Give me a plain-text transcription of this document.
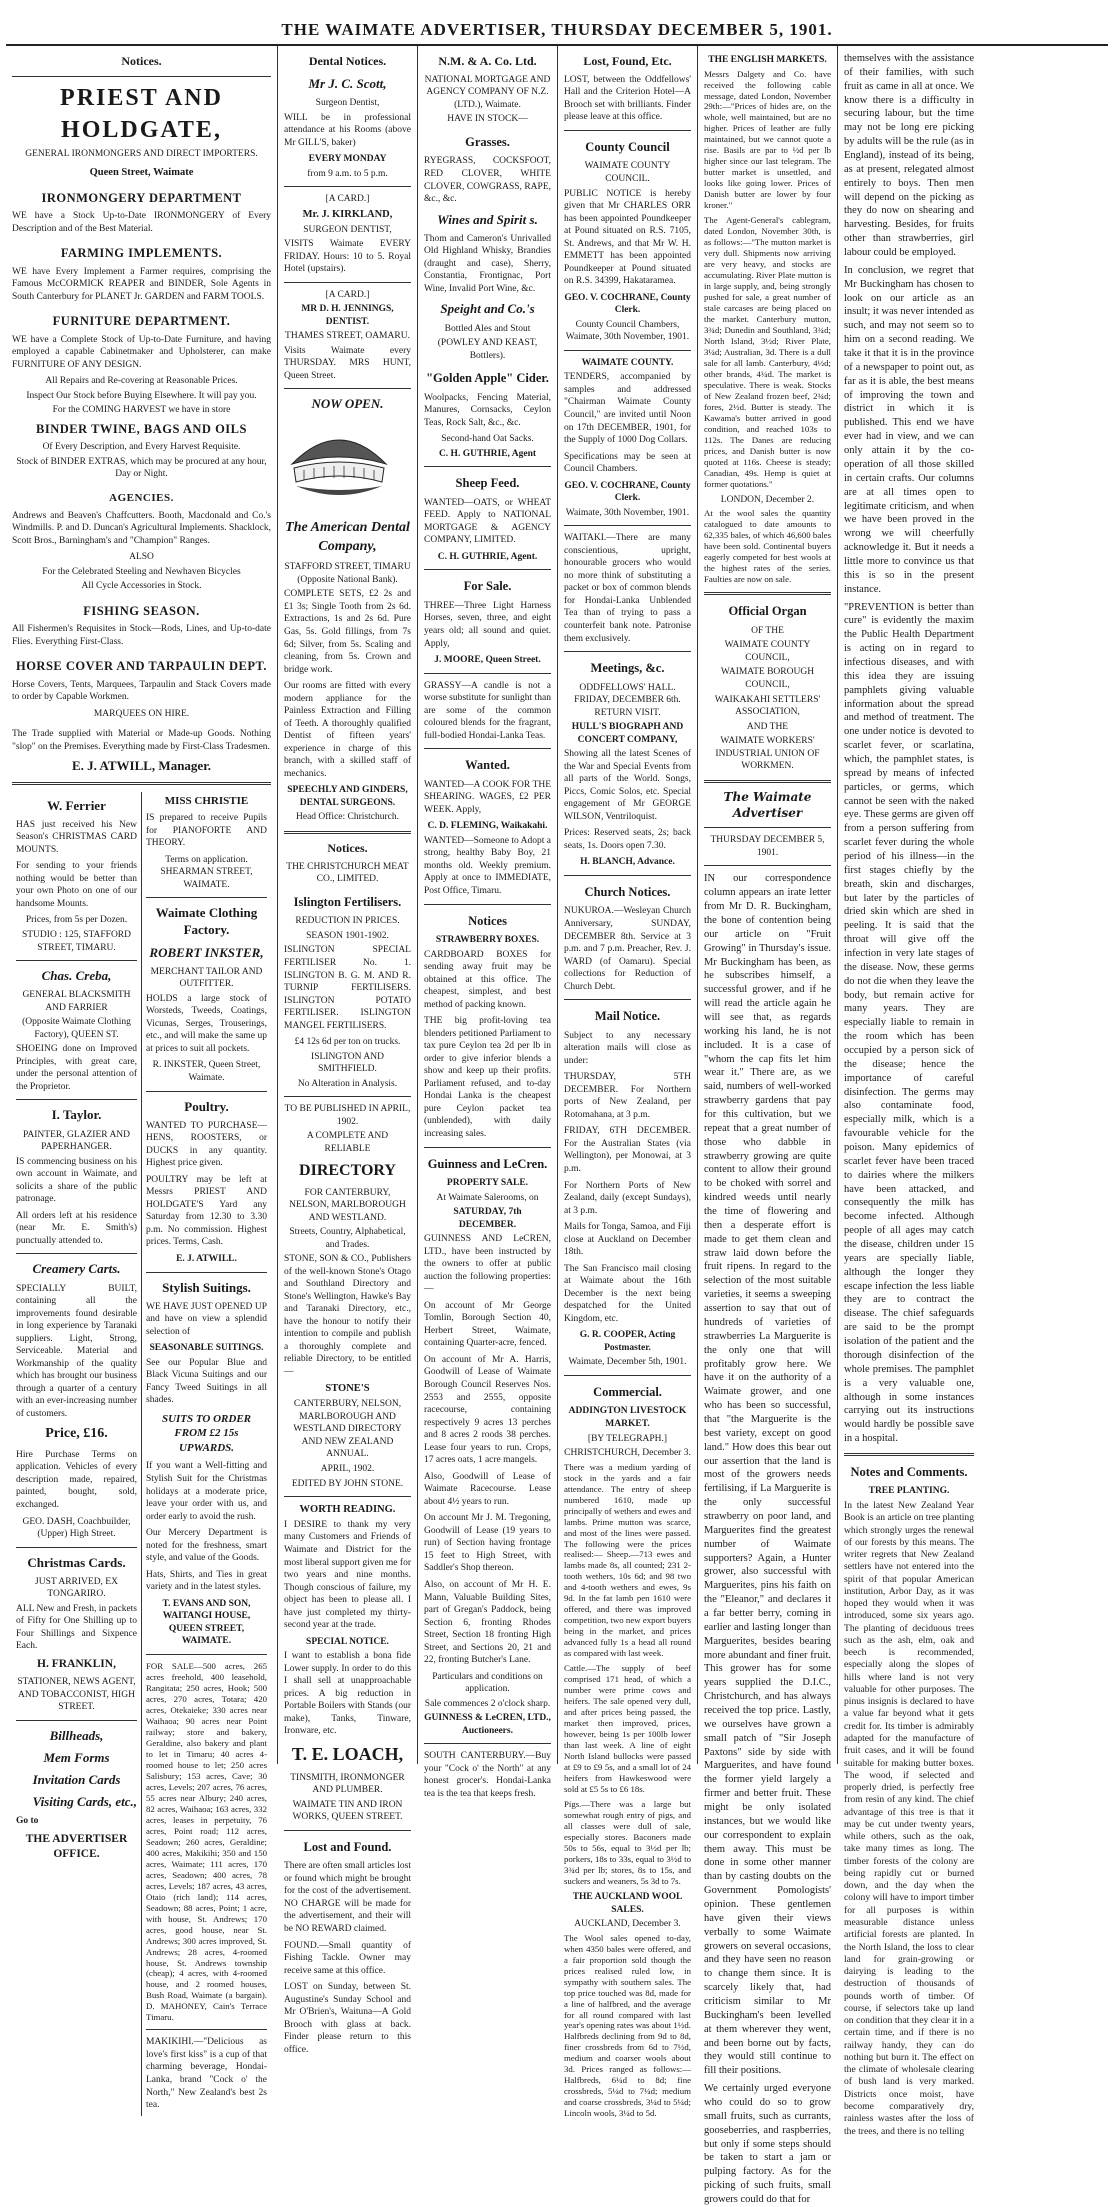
THE WAIMATE ADVERTISER, THURSDAY DECEMBER 5, 1901.
Notices.
PRIEST AND HOLDGATE,
GENERAL IRONMONGERS AND DIRECT IMPORTERS.
Queen Street, Waimate
IRONMONGERY DEPARTMENT
WE have a Stock Up-to-Date IRONMONGERY of Every Description and of the Best Material.
FARMING IMPLEMENTS.
WE have Every Implement a Farmer requires, comprising the Famous McCORMICK REAPER and BINDER, Sole Agents in South Canterbury for PLANET Jr. GARDEN and FARM TOOLS.
FURNITURE DEPARTMENT.
WE have a Complete Stock of Up-to-Date Furniture, and having employed a capable Cabinetmaker and Upholsterer, can make FURNITURE OF ANY DESIGN.
All Repairs and Re-covering at Reasonable Prices.
Inspect Our Stock before Buying Elsewhere. It will pay you.
For the COMING HARVEST we have in store
BINDER TWINE, BAGS AND OILS
Of Every Description, and Every Harvest Requisite.
Stock of BINDER EXTRAS, which may be procured at any hour, Day or Night.
AGENCIES.
Andrews and Beaven's Chaffcutters. Booth, Macdonald and Co.'s Windmills. P. and D. Duncan's Agricultural Implements. Shacklock, Scott Bros., Barningham's and "Champion" Ranges.
ALSO
For the Celebrated Steeling and Newhaven Bicycles
All Cycle Accessories in Stock.
FISHING SEASON.
All Fishermen's Requisites in Stock—Rods, Lines, and Up-to-date Flies. Everything First-Class.
HORSE COVER AND TARPAULIN DEPT.
Horse Covers, Tents, Marquees, Tarpaulin and Stack Covers made to order by Capable Workmen.
MARQUEES ON HIRE.
The Trade supplied with Material or Made-up Goods. Nothing "slop" on the Premises. Everything made by First-Class Tradesmen.
E. J. ATWILL, Manager.
W. Ferrier
HAS just received his New Season's CHRISTMAS CARD MOUNTS.
For sending to your friends nothing would be better than your own Photo on one of our handsome Mounts.
Prices, from 5s per Dozen.
STUDIO : 125, STAFFORD STREET, TIMARU.
Chas. Creba,
GENERAL BLACKSMITH AND FARRIER
(Opposite Waimate Clothing Factory), QUEEN ST.
SHOEING done on Improved Principles, with great care, under the personal attention of the Proprietor.
I. Taylor.
PAINTER, GLAZIER AND PAPERHANGER.
IS commencing business on his own account in Waimate, and solicits a share of the public patronage.
All orders left at his residence (near Mr. E. Smith's) punctually attended to.
Creamery Carts.
SPECIALLY BUILT, containing all the improvements found desirable in long experience by Taranaki suppliers. Light, Strong, Serviceable. Material and Workmanship of the quality which has brought our business through a quarter of a century with an ever-increasing number of customers.
Price, £16.
Hire Purchase Terms on application. Vehicles of every description made, repaired, painted, bought, sold, exchanged.
GEO. DASH, Coachbuilder, (Upper) High Street.
Christmas Cards.
JUST ARRIVED, EX TONGARIRO.
ALL New and Fresh, in packets of Fifty for One Shilling up to Four Shillings and Sixpence Each.
H. FRANKLIN,
STATIONER, NEWS AGENT, AND TOBACCONIST, HIGH STREET.
Billheads,
Mem Forms
Invitation Cards
Visiting Cards, etc.,
Go to
THE ADVERTISER OFFICE.
MISS CHRISTIE
IS prepared to receive Pupils for PIANOFORTE AND THEORY.
Terms on application. SHEARMAN STREET, WAIMATE.
Waimate Clothing Factory.
ROBERT INKSTER,
MERCHANT TAILOR AND OUTFITTER.
HOLDS a large stock of Worsteds, Tweeds, Coatings, Vicunas, Serges, Trouserings, etc., and will make the same up at prices to suit all pockets.
R. INKSTER, Queen Street, Waimate.
Poultry.
WANTED TO PURCHASE—HENS, ROOSTERS, or DUCKS in any quantity. Highest price given.
POULTRY may be left at Messrs PRIEST AND HOLDGATE'S Yard any Saturday from 12.30 to 3.30 p.m. No commission. Highest prices. Terms, Cash.
E. J. ATWILL.
Stylish Suitings.
WE HAVE JUST OPENED UP and have on view a splendid selection of
SEASONABLE SUITINGS.
See our Popular Blue and Black Vicuna Suitings and our Fancy Tweed Suitings in all shades.
SUITS TO ORDER FROM £2 15s UPWARDS.
If you want a Well-fitting and Stylish Suit for the Christmas holidays at a moderate price, leave your order with us, and order early to avoid the rush.
Our Mercery Department is noted for the freshness, smart style, and value of the Goods.
Hats, Shirts, and Ties in great variety and in the latest styles.
T. EVANS AND SON, WAITANGI HOUSE, QUEEN STREET, WAIMATE.
FOR SALE—500 acres, 265 acres freehold, 400 leasehold, Rangitata; 250 acres, Hook; 500 acres, 270 acres, Totara; 420 acres, Otekaieke; 330 acres near Waihaoa; 90 acres near Point railway; store and bakery, Geraldine, also bakery and plant to let in Timaru; 40 acres 4-roomed house to let; 250 acres Salisbury; 153 acres, Cave; 30 acres, Levels; 207 acres, 76 acres, 55 acres near Albury; 240 acres, 82 acres, Waihaoa; 163 acres, 332 acres, leases in perpetuity, 76 acres, Point road; 112 acres, Seadown; 260 acres, Geraldine; 400 acres, Makikihi; 350 and 150 acres, Waimate; 111 acres, 170 acres, Seadown; 400 acres, 78 acres, Levels; 187 acres, 43 acres, Otaio (rich land); 114 acres, Seadown; 88 acres, Point; 1 acre, with house, St. Andrews; 170 acres, good house, near St. Andrews; 300 acres improved, St. Andrews; 28 acres, 4-roomed house, St. Andrews township (cheap); 4 acres, with 4-roomed house, and 2 roomed houses, Bush Road, Waimate (a bargain). D. MAHONEY, Cain's Terrace Timaru.
MAKIKIHI.—"Delicious as love's first kiss" is a cup of that charming beverage, Hondai-Lanka, brand "Cock o' the North," New Zealand's best 2s tea.
Dental Notices.
Mr J. C. Scott,
Surgeon Dentist,
WILL be in professional attendance at his Rooms (above Mr GILL'S, baker)
EVERY MONDAY
from 9 a.m. to 5 p.m.
[A CARD.]
Mr. J. KIRKLAND,
SURGEON DENTIST,
VISITS Waimate EVERY FRIDAY. Hours: 10 to 5. Royal Hotel (upstairs).
[A CARD.]
MR D. H. JENNINGS, DENTIST.
THAMES STREET, OAMARU.
Visits Waimate every THURSDAY. MRS HUNT, Queen Street.
NOW OPEN.
The American Dental Company,
STAFFORD STREET, TIMARU (Opposite National Bank).
COMPLETE SETS, £2 2s and £1 3s; Single Tooth from 2s 6d. Extractions, 1s and 2s 6d. Pure Gas, 5s. Gold fillings, from 7s 6d; Silver, from 5s. Scaling and cleaning, from 5s. Crown and bridge work.
Our rooms are fitted with every modern appliance for the Painless Extraction and Filling of Teeth. A thoroughly qualified Dentist of fifteen years' experience in charge of this branch, with a skilled staff of mechanics.
SPEECHLY AND GINDERS, DENTAL SURGEONS.
Head Office: Christchurch.
Notices.
THE CHRISTCHURCH MEAT CO., LIMITED.
Islington Fertilisers.
REDUCTION IN PRICES.
SEASON 1901-1902.
ISLINGTON SPECIAL FERTILISER No. 1. ISLINGTON B. G. M. AND R. TURNIP FERTILISERS. ISLINGTON POTATO FERTILISER. ISLINGTON MANGEL FERTILISERS.
£4 12s 6d per ton on trucks.
ISLINGTON AND SMITHFIELD.
No Alteration in Analysis.
TO BE PUBLISHED IN APRIL, 1902.
A COMPLETE AND RELIABLE
DIRECTORY
FOR CANTERBURY, NELSON, MARLBOROUGH AND WESTLAND.
Streets, Country, Alphabetical, and Trades.
STONE, SON & CO., Publishers of the well-known Stone's Otago and Southland Directory and Stone's Wellington, Hawke's Bay and Taranaki Directory, etc., have the honour to notify their intention to compile and publish a thoroughly complete and reliable Directory, to be entitled—
STONE'S
CANTERBURY, NELSON, MARLBOROUGH AND WESTLAND DIRECTORY AND NEW ZEALAND ANNUAL.
APRIL, 1902.
EDITED BY JOHN STONE.
WORTH READING.
I DESIRE to thank my very many Customers and Friends of Waimate and District for the most liberal support given me for two years and nine months. Though conscious of failure, my object has been to please all. I have just completed my thirty-second year at the trade.
SPECIAL NOTICE.
I want to establish a bona fide Lower supply. In order to do this I shall sell at unapproachable prices. A big reduction in Portable Boilers with Stands (our make), Tanks, Tinware, Ironware, etc.
T. E. LOACH,
TINSMITH, IRONMONGER AND PLUMBER.
WAIMATE TIN AND IRON WORKS, QUEEN STREET.
Lost and Found.
There are often small articles lost or found which might be brought for the cost of the advertisement. NO CHARGE will be made for the advertisement, and their will be NO REWARD claimed.
FOUND.—Small quantity of Fishing Tackle. Owner may receive same at this office.
LOST on Sunday, between St. Augustine's Sunday School and Mr O'Brien's, Waituna—A Gold Brooch with glass at back. Finder please return to this office.
N.M. & A. Co. Ltd.
NATIONAL MORTGAGE AND AGENCY COMPANY OF N.Z. (LTD.), Waimate.
HAVE IN STOCK—
Grasses.
RYEGRASS, COCKSFOOT, RED CLOVER, WHITE CLOVER, COWGRASS, RAPE, &c., &c.
Wines and Spirit s.
Thom and Cameron's Unrivalled Old Highland Whisky, Brandies (draught and case), Sherry, Constantia, Frontignac, Port Wine, Invalid Port Wine, &c.
Speight and Co.'s
Bottled Ales and Stout
(POWLEY AND KEAST, Bottlers).
"Golden Apple" Cider.
Woolpacks, Fencing Material, Manures, Cornsacks, Ceylon Teas, Rock Salt, &c., &c.
Second-hand Oat Sacks.
C. H. GUTHRIE, Agent
Sheep Feed.
WANTED—OATS, or WHEAT FEED. Apply to NATIONAL MORTGAGE & AGENCY COMPANY, LIMITED.
C. H. GUTHRIE, Agent.
For Sale.
THREE—Three Light Harness Horses, seven, three, and eight years old; all sound and quiet. Apply,
J. MOORE, Queen Street.
GRASSY—A candle is not a worse substitute for sunlight than are some of the common coloured blends for the fragrant, full-bodied Hondai-Lanka Teas.
Wanted.
WANTED—A COOK FOR THE SHEARING. WAGES, £2 PER WEEK. Apply,
C. D. FLEMING, Waikakahi.
WANTED—Someone to Adopt a strong, healthy Baby Boy, 21 months old. Weekly premium. Apply at once to IMMEDIATE, Post Office, Timaru.
Notices
STRAWBERRY BOXES.
CARDBOARD BOXES for sending away fruit may be obtained at this office. The cheapest, simplest, and best method of packing known.
THE big profit-loving tea blenders petitioned Parliament to tax pure Ceylon tea 2d per lb in order to give inferior blends a show and keep up their profits. Parliament refused, and to-day Hondai Lanka is the cheapest pure Ceylon packet tea (unblended), with daily increasing sales.
Guinness and LeCren.
PROPERTY SALE.
At Waimate Salerooms, on
SATURDAY, 7th DECEMBER.
GUINNESS AND LeCREN, LTD., have been instructed by the owners to offer at public auction the following properties:—
On account of Mr George Tomlin, Borough Section 40, Herbert Street, Waimate, containing Quarter-acre, fenced.
On account of Mr A. Harris, Goodwill of Lease of Waimate Borough Council Reserves Nos. 2553 and 2555, opposite racecourse, containing respectively 9 acres 13 perches and 8 acres 2 roods 38 perches. Lease four years to run. Crops, 17 acres oats, 1 acre mangels.
Also, Goodwill of Lease of Waimate Racecourse. Lease about 4½ years to run.
On account Mr J. M. Tregoning, Goodwill of Lease (19 years to run) of Section having frontage 15 feet to High Street, with Saddler's Shop thereon.
Also, on account of Mr H. E. Mann, Valuable Building Sites, part of Gregan's Paddock, being Section 6, fronting Rhodes Street, Section 18 fronting High Street, and Sections 20, 21 and 22, fronting Butcher's Lane.
Particulars and conditions on application.
Sale commences 2 o'clock sharp.
GUINNESS & LeCREN, LTD., Auctioneers.
SOUTH CANTERBURY.—Buy your "Cock o' the North" at any honest grocer's. Hondai-Lanka tea is the tea that keeps fresh.
Lost, Found, Etc.
LOST, between the Oddfellows' Hall and the Criterion Hotel—A Brooch set with brilliants. Finder please leave at this office.
County Council
WAIMATE COUNTY COUNCIL.
PUBLIC NOTICE is hereby given that Mr CHARLES ORR has been appointed Poundkeeper at Pound situated on R.S. 7105, St. Andrews, and that Mr W. H. EMMETT has been appointed Poundkeeper at Pound situated on R.S. 34399, Hakataramea.
GEO. V. COCHRANE, County Clerk.
County Council Chambers, Waimate, 30th November, 1901.
WAIMATE COUNTY.
TENDERS, accompanied by samples and addressed "Chairman Waimate County Council," are invited until Noon on 17th DECEMBER, 1901, for the Supply of 1000 Dog Collars.
Specifications may be seen at Council Chambers.
GEO. V. COCHRANE, County Clerk.
Waimate, 30th November, 1901.
WAITAKI.—There are many conscientious, upright, honourable grocers who would no more think of substituting a packet or box of common blends for Hondai-Lanka Unblended Tea than of trying to pass a counterfeit bank note. Patronise them exclusively.
Meetings, &c.
ODDFELLOWS' HALL. FRIDAY, DECEMBER 6th. RETURN VISIT.
HULL'S BIOGRAPH AND CONCERT COMPANY,
Showing all the latest Scenes of the War and Special Events from all parts of the World. Songs, Piccs, Comic Solos, etc. Special engagement of Mr GEORGE WILSON, Ventriloquist.
Prices: Reserved seats, 2s; back seats, 1s. Doors open 7.30.
H. BLANCH, Advance.
Church Notices.
NUKUROA.—Wesleyan Church Anniversary, SUNDAY, DECEMBER 8th. Service at 3 p.m. and 7 p.m. Preacher, Rev. J. WARD (of Oamaru). Special collections for Reduction of Church Debt.
Mail Notice.
Subject to any necessary alteration mails will close as under:
THURSDAY, 5TH DECEMBER. For Northern ports of New Zealand, per Rotomahana, at 3 p.m.
FRIDAY, 6TH DECEMBER. For the Australian States (via Wellington), per Monowai, at 3 p.m.
For Northern Ports of New Zealand, daily (except Sundays), at 3 p.m.
Mails for Tonga, Samoa, and Fiji close at Auckland on December 18th.
The San Francisco mail closing at Waimate about the 16th December is the next being despatched for the United Kingdom, etc.
G. R. COOPER, Acting Postmaster.
Waimate, December 5th, 1901.
Commercial.
ADDINGTON LIVESTOCK MARKET.
[BY TELEGRAPH.]
CHRISTCHURCH, December 3.
There was a medium yarding of stock in the yards and a fair attendance. The entry of sheep numbered 1610, made up principally of wethers and ewes and lambs. Prime mutton was scarce, and most of the lines were passed. The following were the prices realised:— Sheep.—713 ewes and lambs made 8s, all counted; 231 2-tooth wethers, 10s 6d; and 98 two and 4-tooth wethers and ewes, 9s 9d. In the fat lamb pen 1610 were offered, and there was improved competition, two new export buyers being in the market, and prices advanced fully 1s a head all round as compared with last week.
Cattle.—The supply of beef comprised 171 head, of which a number were prime cows and heifers. The sale opened very dull, and after prices being passed, the market then improved, prices, however, being 1s per 100lb lower than last week. A line of eight North Island bullocks were passed at £9 to £9 5s, and a small lot of 24 heifers from Hawkeswood were sold at £5 5s to £6 18s.
Pigs.—There was a large but somewhat rough entry of pigs, and all classes were dull of sale, especially stores. Baconers made 50s to 56s, equal to 3½d per lb; porkers, 18s to 33s, equal to 3½d to 3¾d per lb; stores, 8s to 15s, and suckers and weaners, 5s 3d to 7s.
THE AUCKLAND WOOL SALES.
AUCKLAND, December 3.
The Wool sales opened to-day, when 4350 bales were offered, and a fair proportion sold though the prices realised ruled low, in sympathy with southern sales. The top price touched was 8d, made for a line of halfbred, and the average for all round compared with last year's opening rates was about 1½d. Halfbreds declining from 9d to 8d, finer crossbreds from 6d to 7½d, medium and coarser wools about 3d. Prices ranged as follows:—Halfbreds, 6¼d to 8d; fine crossbreds, 5¼d to 7¼d; medium and coarse crossbreds, 3¼d to 5¼d; Lincoln wools, 3¼d to 5d.
THE ENGLISH MARKETS.
Messrs Dalgety and Co. have received the following cable message, dated London, November 29th:—"Prices of hides are, on the whole, well maintained, but are no higher. Prices of leather are fully maintained, but we cannot quote a rise. Basils are par to ½d per lb higher since our last telegram. The butter market is unsettled, and looks like going lower. Prices of Danish butter are lower by four kroner."
The Agent-General's cablegram, dated London, November 30th, is as follows:—"The mutton market is very dull. Shipments now arriving are very heavy, and stocks are accumulating. River Plate mutton is in large supply, and, being strongly pushed for sale, a great number of stale carcases are being placed on the market. Canterbury mutton, 3¾d; Dunedin and Southland, 3¾d; North Island, 3½d; River Plate, 3¼d; Australian, 3d. There is a dull sale for all lamb. Canterbury, 4½d; other brands, 4¼d. The market is speculative. There is weak. Stocks of New Zealand frozen beef, 2¾d; fores, 2½d. Butter is steady. The Kawama's butter arrived in good condition, and reached 103s to 112s. The Danes are reducing prices, and Danish butter is now quoted at 116s. Cheese is steady; Canadian, 49s. Hemp is quiet at former quotations."
LONDON, December 2.
At the wool sales the quantity catalogued to date amounts to 62,335 bales, of which 46,600 bales have been sold. Continental buyers eagerly competed for best wools at the highest rates of the series. Faulties are now on sale.
Official Organ
OF THE
WAIMATE COUNTY COUNCIL,
WAIMATE BOROUGH COUNCIL,
WAIKAKAHI SETTLERS' ASSOCIATION,
AND THE
WAIMATE WORKERS' INDUSTRIAL UNION OF WORKMEN.
The Waimate Advertiser
THURSDAY DECEMBER 5, 1901.
IN our correspondence column appears an irate letter from Mr D. R. Buckingham, the bone of contention being our article on "Fruit Growing" in Thursday's issue. Mr Buckingham has been, as he subscribes himself, a successful grower, and if he will read the article again he will see that, as regards working his land, he is not included. It is a case of "whom the cap fits let him wear it." There are, as we said, numbers of well-worked strawberry gardens that pay for this cultivation, but we repeat that a great number of those who dabble in strawberry growing are quite content to allow their ground to be choked with sorrel and kindred weeds until nearly the time of flowering and then a desperate effort is made to get them clean and straw laid down before the fruit ripens. In regard to the selection of the most suitable varieties, it seems a sweeping assertion to say that out of hundreds of varieties of strawberries La Marguerite is the only one that will profitably grow here. We have it on the authority of a Waimate grower, and one who has been so successful, that "the Marguerite is the best variety, except on good land." How does this bear out our assertion that the land is most of the growers needs fertilising, if La Marguerite is the only successful strawberry on poor land, and Marguerites find the greatest number of Waimate supporters? Again, a Hunter grower, also successful with Marguerites, pins his faith on the "Eleanor," and declares it a far better berry, coming in earlier and lasting longer than Marguerites, besides bearing more abundant and finer fruit. This grower has for some years supplied the D.I.C., Christchurch, and has always received the top price. Lastly, we ourselves have grown a small patch of "Sir Joseph Paxtons" side by side with Marguerites, and have found the former yield largely a firmer and better fruit. These might be only isolated instances, but we would like our correspondent to explain them away. This must be done in some other manner than by casting doubts on the Government Pomologists' opinion. These gentlemen have given their views verbally to some Waimate growers on several occasions, and they have seen no reason to change them since. It is scarcely likely that, had criticism similar to Mr Buckingham's been levelled at them wherever they went, and been borne out by facts, they would still continue to fill their positions.
We certainly urged everyone who could do so to grow small fruits, such as currants, gooseberries, and raspberries, but only if some steps should be taken to start a jam or pulping factory. As for the picking of such fruits, small growers could do that for
themselves with the assistance of their families, with such fruit as came in all at once. We know there is a difficulty in securing labour, but the time may not be long ere picking by adults will be the rule (as in England), instead of its being, as at present, relegated almost entirely to boys. Then men will depend on the picking as they do now on shearing and harvesting. Besides, for fruits other than strawberries, girl labour could be employed.
In conclusion, we regret that Mr Buckingham has chosen to look on our article as an insult; it was never intended as such, and may not seem so to him on a second reading. We take it that it is in the province of a newspaper to point out, as far as it is able, the best means of improving the town and district in which it is published. This end we have ever had in view, and we can only attain it by the co-operation of all those skilled in certain crafts. Our columns are at all times open to legitimate criticism, and when we have been proved in the wrong we will cheerfully acknowledge it. But it needs a little more to convince us that this is so in the present instance.
"PREVENTION is better than cure" is evidently the maxim the Public Health Department is acting on in regard to infectious diseases, and with this idea they are issuing pamphlets giving valuable information about the spread and method of treatment. The one under notice is devoted to scarlet fever, or scarlatina, which, the pamphlet states, is spread by means of infected particles, or germs, which cannot be seen with the naked eye. These germs are given off from a person suffering from scarlet fever during the whole period of his illness—in the first stages chiefly by the breath, skin and discharges, but later by the particles of dried skin which are shed in peeling. It is said that the throat will give off the infection in very late stages of the disease. Now, these germs do not die when they leave the body, but remain active for many years. They are especially liable to remain in the room which has been occupied by a person sick of the disease; hence the importance of careful disinfection. The germs may also contaminate food, especially milk, which is a favourable vehicle for the poison. Many epidemics of scarlet fever have been traced to dairies where the milkers have been attacked, and consequently the milk has become infected. Although people of all ages may catch the disease, children under 15 years are specially liable, although the longer they escape infection the less liable they are to contract the disease. The chief safeguards are said to be the prompt isolation of the patient and the thorough disinfection of the whole premises. The pamphlet is a very valuable one, although in some instances carrying out its instructions would hardly be possible save in a hospital.
Notes and Comments.
TREE PLANTING.
In the latest New Zealand Year Book is an article on tree planting which strongly urges the renewal of our forests by this means. The writer regrets that New Zealand settlers have not entered into the spirit of that popular American institution, Arbor Day, as it was hoped they would when it was introduced, some six years ago. The planting of deciduous trees such as the ash, elm, oak and beech is recommended, especially along the slopes of hills where land is not very valuable for other purposes. The pinus insignis is declared to have a value far beyond what it gets credit for. Its timber is admirably adapted for the manufacture of fruit cases, and it will be found suitable for making butter boxes. The wood, if selected and properly dried, is perfectly free from resin of any kind. The chief advantage of this tree is that it may be cut under twenty years, while others, such as the oak, take many times as long. The timber forests of the colony are being rapidly cut or burned down, and the day when the colony will have to import timber for all purposes is within measurable distance unless artificial forests are planted. In the North Island, the loss to clear land for grain-growing or dairying is leading to the destruction of thousands of pounds worth of timber. Of course, if selectors take up land on condition that they clear it in a certain time, and if there is no railway handy, they can do nothing but burn it. The effect on the climate of wholesale clearing of bush land is very marked. Districts once moist, have become comparatively dry, rainless wastes after the loss of the trees, and there is no telling
